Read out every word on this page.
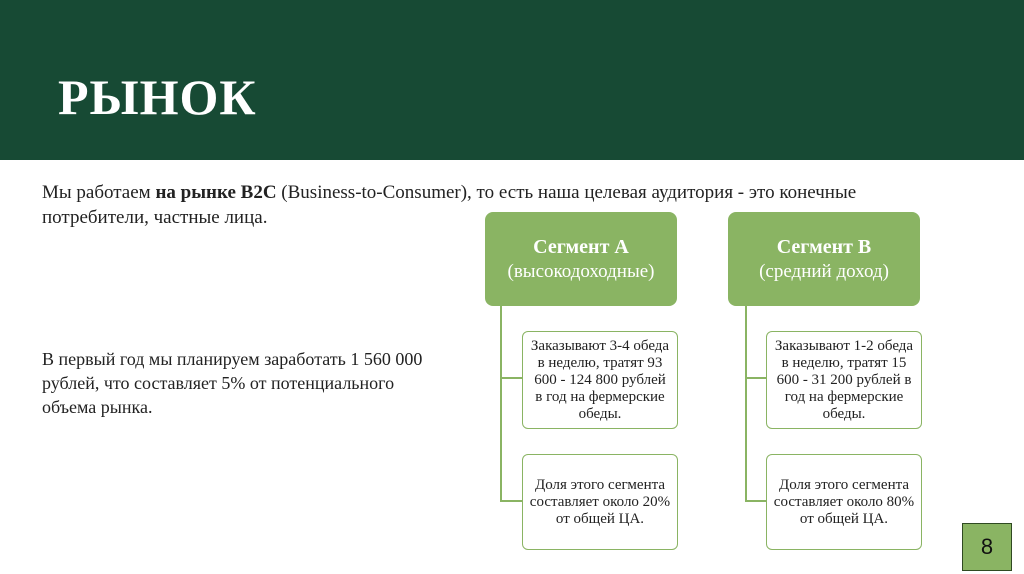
РЫНОК

Мы работаем на рынке B2C (Business-to-Consumer), то есть наша целевая аудитория - это конечные потребители, частные лица.

В первый год мы планируем заработать 1 560 000 рублей, что составляет 5% от потенциального объема рынка.

Сегмент А
(высокодоходные)
Заказывают 3-4 обеда в неделю, тратят 93 600 - 124 800 рублей в год на фермерские обеды.
Доля этого сегмента составляет около 20% от общей ЦА.
Сегмент В
(средний доход)
Заказывают 1-2 обеда в неделю, тратят 15 600 - 31 200 рублей в год на фермерские обеды.
Доля этого сегмента составляет около 80% от общей ЦА.
8
